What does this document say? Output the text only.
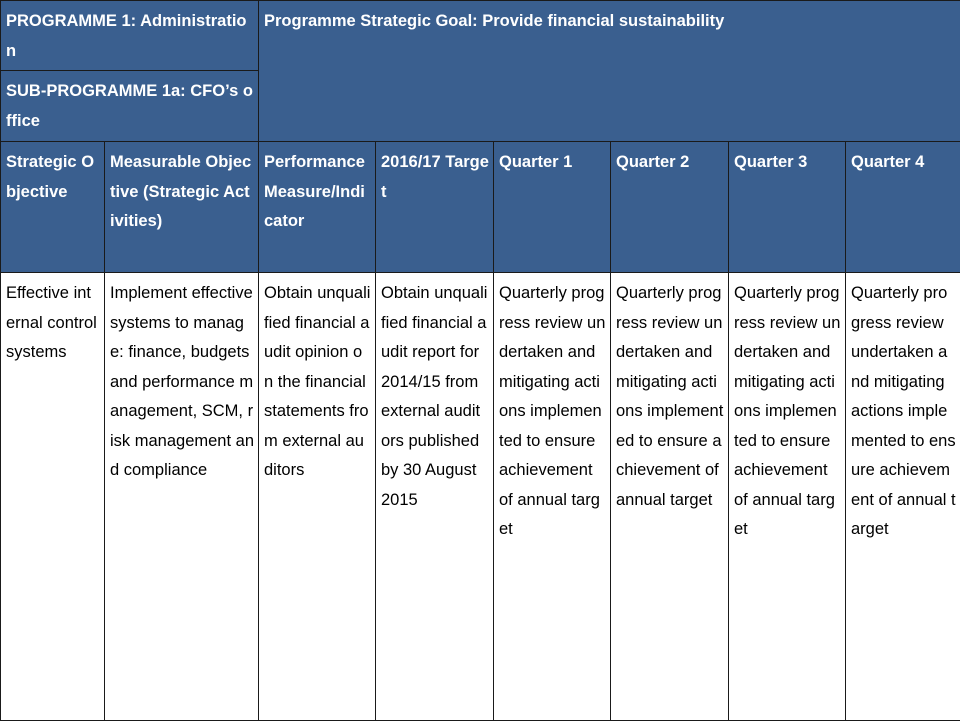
PROGRAMME 1: Administration		Programme Strategic Goal: Provide financial sustainability					
SUB-PROGRAMME 1a: CFO’s office							
Strategic Objective	Measurable Objective (Strategic Activities)	Performance Measure/Indicator	2016/17 Target	Quarter 1	Quarter 2	Quarter 3	Quarter 4
Effective internal control systems	Implement effective systems to manage: finance, budgets and performance management, SCM, risk management and compliance	Obtain unqualified financial audit opinion on the financial statements from external auditors	Obtain unqualified financial audit report for 2014/15 from external auditors published by 30 August 2015	Quarterly progress review undertaken and mitigating actions implemented to ensure achievement of annual target	Quarterly progress review undertaken and mitigating actions implemented to ensure achievement of annual target	Quarterly progress review undertaken and mitigating actions implemented to ensure achievement of annual target	Quarterly progress review undertaken and mitigating actions implemented to ensure achievement of annual target
